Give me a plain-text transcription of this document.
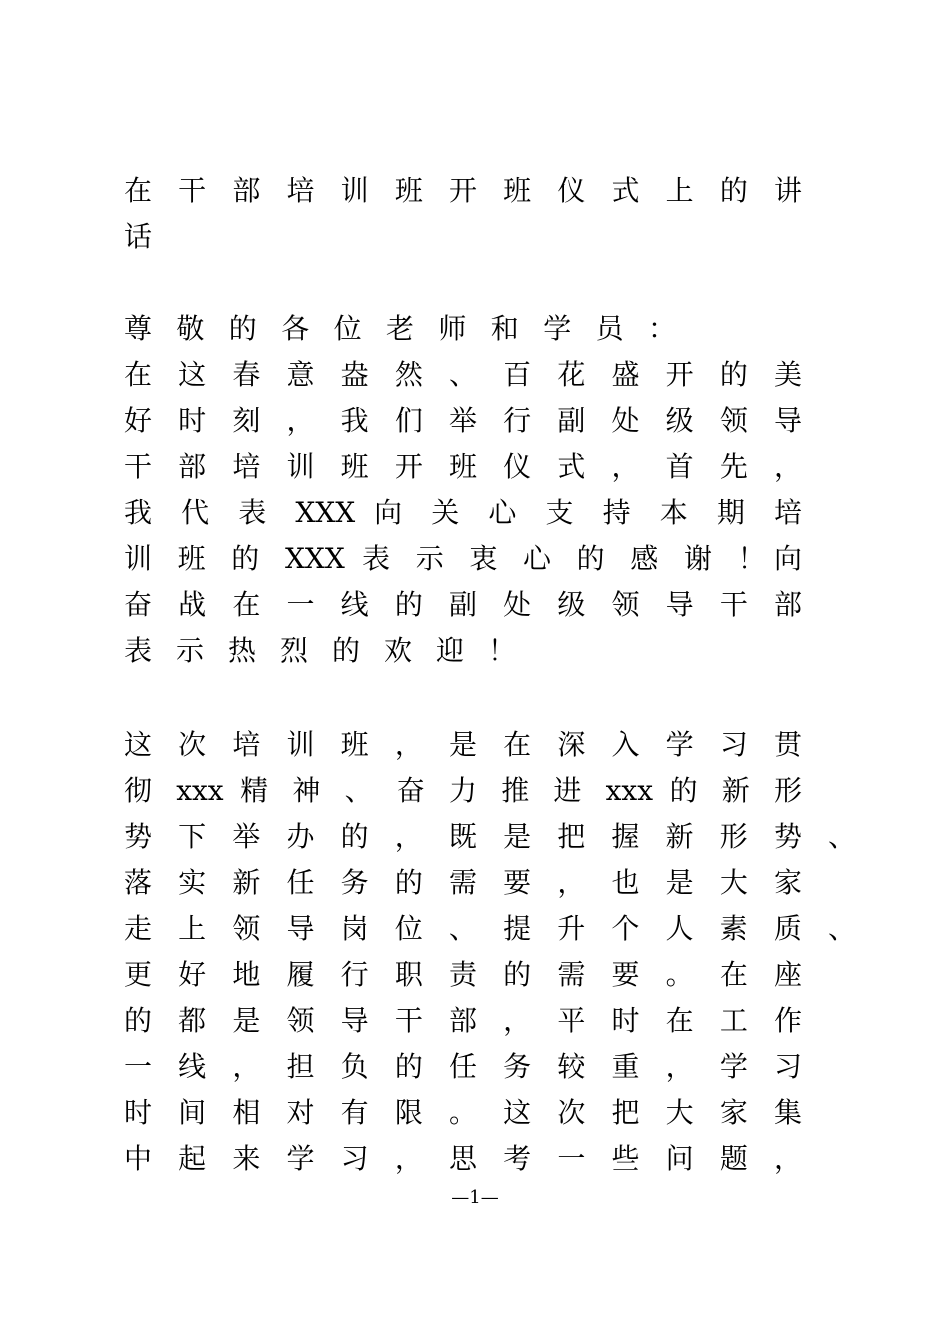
在 干 部 培 训 班 开 班 仪 式 上 的 讲
话
尊 敬 的 各 位 老 师 和 学 员 ：
在 这 春 意 盎 然 、 百 花 盛 开 的 美
好 时 刻 ， 我 们 举 行 副 处 级 领 导
干 部 培 训 班 开 班 仪 式 ， 首 先 ，
我 代 表 XXX 向 关 心 支 持 本 期 培
训 班 的 XXX 表 示 衷 心 的 感 谢 ！向
奋 战 在 一 线 的 副 处 级 领 导 干 部
表 示 热 烈 的 欢 迎 ！
这 次 培 训 班 ， 是 在 深 入 学 习 贯
彻 xxx 精 神 、 奋 力 推 进 xxx 的 新 形
势 下 举 办 的 ， 既 是 把 握 新 形 势 、
落 实 新 任 务 的 需 要 ， 也 是 大 家
走 上 领 导 岗 位 、 提 升 个 人 素 质 、
更 好 地 履 行 职 责 的 需 要 。 在 座
的 都 是 领 导 干 部 ， 平 时 在 工 作
一 线 ， 担 负 的 任 务 较 重 ， 学 习
时 间 相 对 有 限 。 这 次 把 大 家 集
中 起 来 学 习 ， 思 考 一 些 问 题 ，
—1—
